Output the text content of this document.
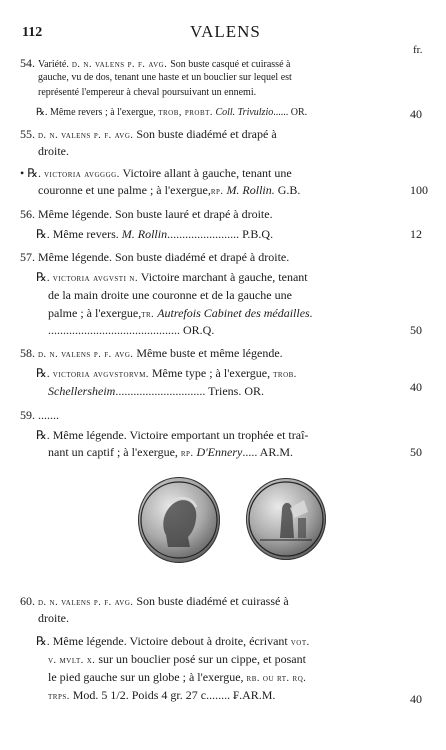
112	VALENS
fr.
54. Variété. d. n. valens p. f. avg. Son buste casqué et cuirassé à
gauche, vu de dos, tenant une haste et un bouclier sur lequel est
représenté l'empereur à cheval poursuivant un ennemi.
℞. Même revers ; à l'exergue, trob, probt. Coll. Trivulzio...... OR.	40
55. d. n. valens p. f. avg. Son buste diadémé et drapé à
droite.
• ℞. victoria avgggg. Victoire allant à gauche, tenant une
couronne et une palme ; à l'exergue,rp. M. Rollin. G.B.	100
56. Même légende. Son buste lauré et drapé à droite.
℞. Même revers. M. Rollin........................ P.B.Q.	12
57. Même légende. Son buste diadémé et drapé à droite.
℞. victoria avgvsti n. Victoire marchant à gauche, tenant
de la main droite une couronne et de la gauche une
palme ; à l'exergue,tr. Autrefois Cabinet des médailles.
............................................ OR.Q.	50
58. d. n. valens p. f. avg. Même buste et même légende.
℞. victoria avgvstorvm. Même type ; à l'exergue, trob.
Schellersheim.............................. Triens. OR.	40
59. .......
℞. Même légende. Victoire emportant un trophée et traî-
nant un captif ; à l'exergue, rp. D'Ennery..... AR.M.	50
60. d. n. valens p. f. avg. Son buste diadémé et cuirassé à
droite.
℞. Même légende. Victoire debout à droite, écrivant vot.
v. mvlt. x. sur un bouclier posé sur un cippe, et posant
le pied gauche sur un globe ; à l'exergue, rb. ou rt. rq.
trps. Mod. 5 1/2. Poids 4 gr. 27 c........ ₣.AR.M.	40
